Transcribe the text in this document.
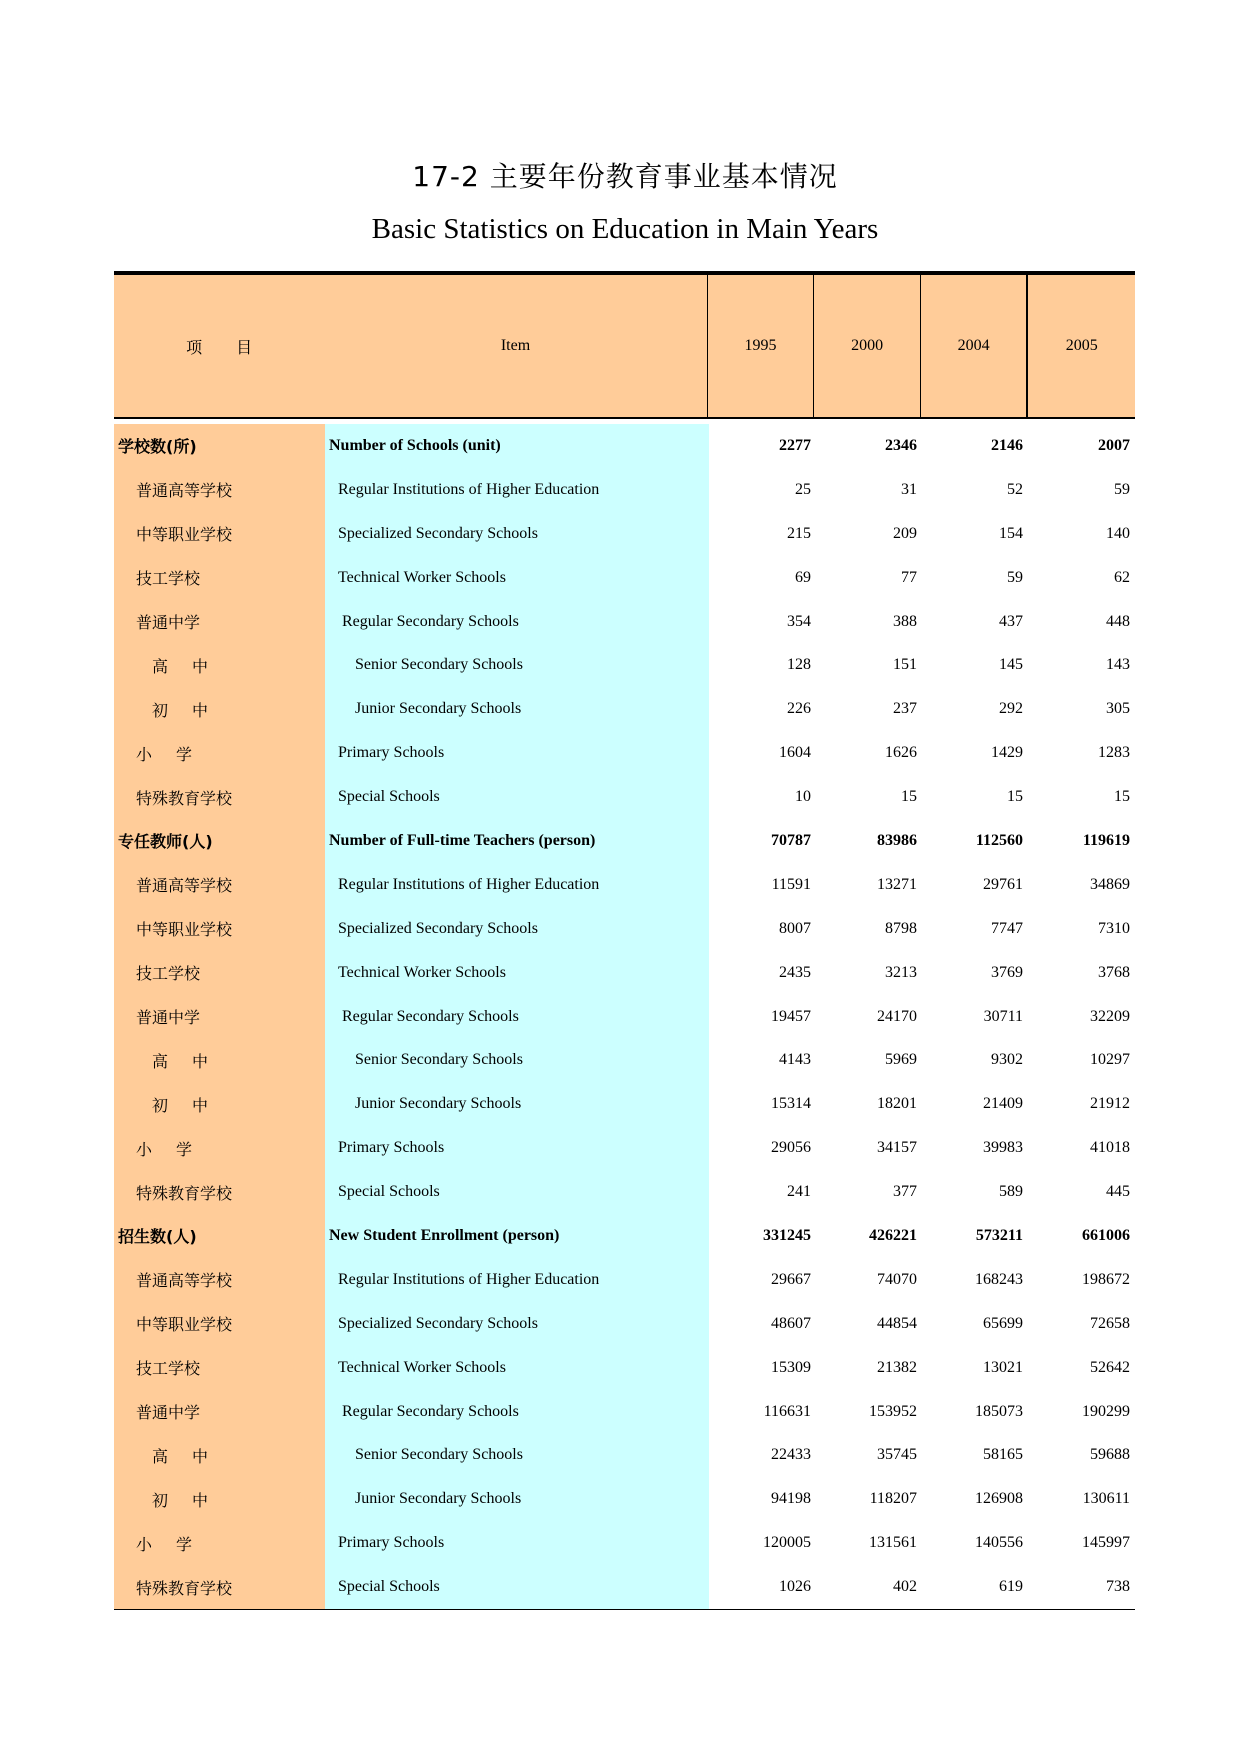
17-2 主要年份教育事业基本情况
Basic Statistics on Education in Main Years
项目	Item	1995	2000	2004	2005
学校数(所)	Number of Schools (unit)	2277	2346	2146	2007
普通高等学校	Regular Institutions of Higher Education	25	31	52	59
中等职业学校	Specialized Secondary Schools	215	209	154	140
技工学校	Technical Worker Schools	69	77	59	62
普通中学	Regular Secondary Schools	354	388	437	448
高中	Senior Secondary Schools	128	151	145	143
初中	Junior Secondary Schools	226	237	292	305
小学	Primary Schools	1604	1626	1429	1283
特殊教育学校	Special Schools	10	15	15	15
专任教师(人)	Number of Full-time Teachers (person)	70787	83986	112560	119619
普通高等学校	Regular Institutions of Higher Education	11591	13271	29761	34869
中等职业学校	Specialized Secondary Schools	8007	8798	7747	7310
技工学校	Technical Worker Schools	2435	3213	3769	3768
普通中学	Regular Secondary Schools	19457	24170	30711	32209
高中	Senior Secondary Schools	4143	5969	9302	10297
初中	Junior Secondary Schools	15314	18201	21409	21912
小学	Primary Schools	29056	34157	39983	41018
特殊教育学校	Special Schools	241	377	589	445
招生数(人)	New Student Enrollment (person)	331245	426221	573211	661006
普通高等学校	Regular Institutions of Higher Education	29667	74070	168243	198672
中等职业学校	Specialized Secondary Schools	48607	44854	65699	72658
技工学校	Technical Worker Schools	15309	21382	13021	52642
普通中学	Regular Secondary Schools	116631	153952	185073	190299
高中	Senior Secondary Schools	22433	35745	58165	59688
初中	Junior Secondary Schools	94198	118207	126908	130611
小学	Primary Schools	120005	131561	140556	145997
特殊教育学校	Special Schools	1026	402	619	738
